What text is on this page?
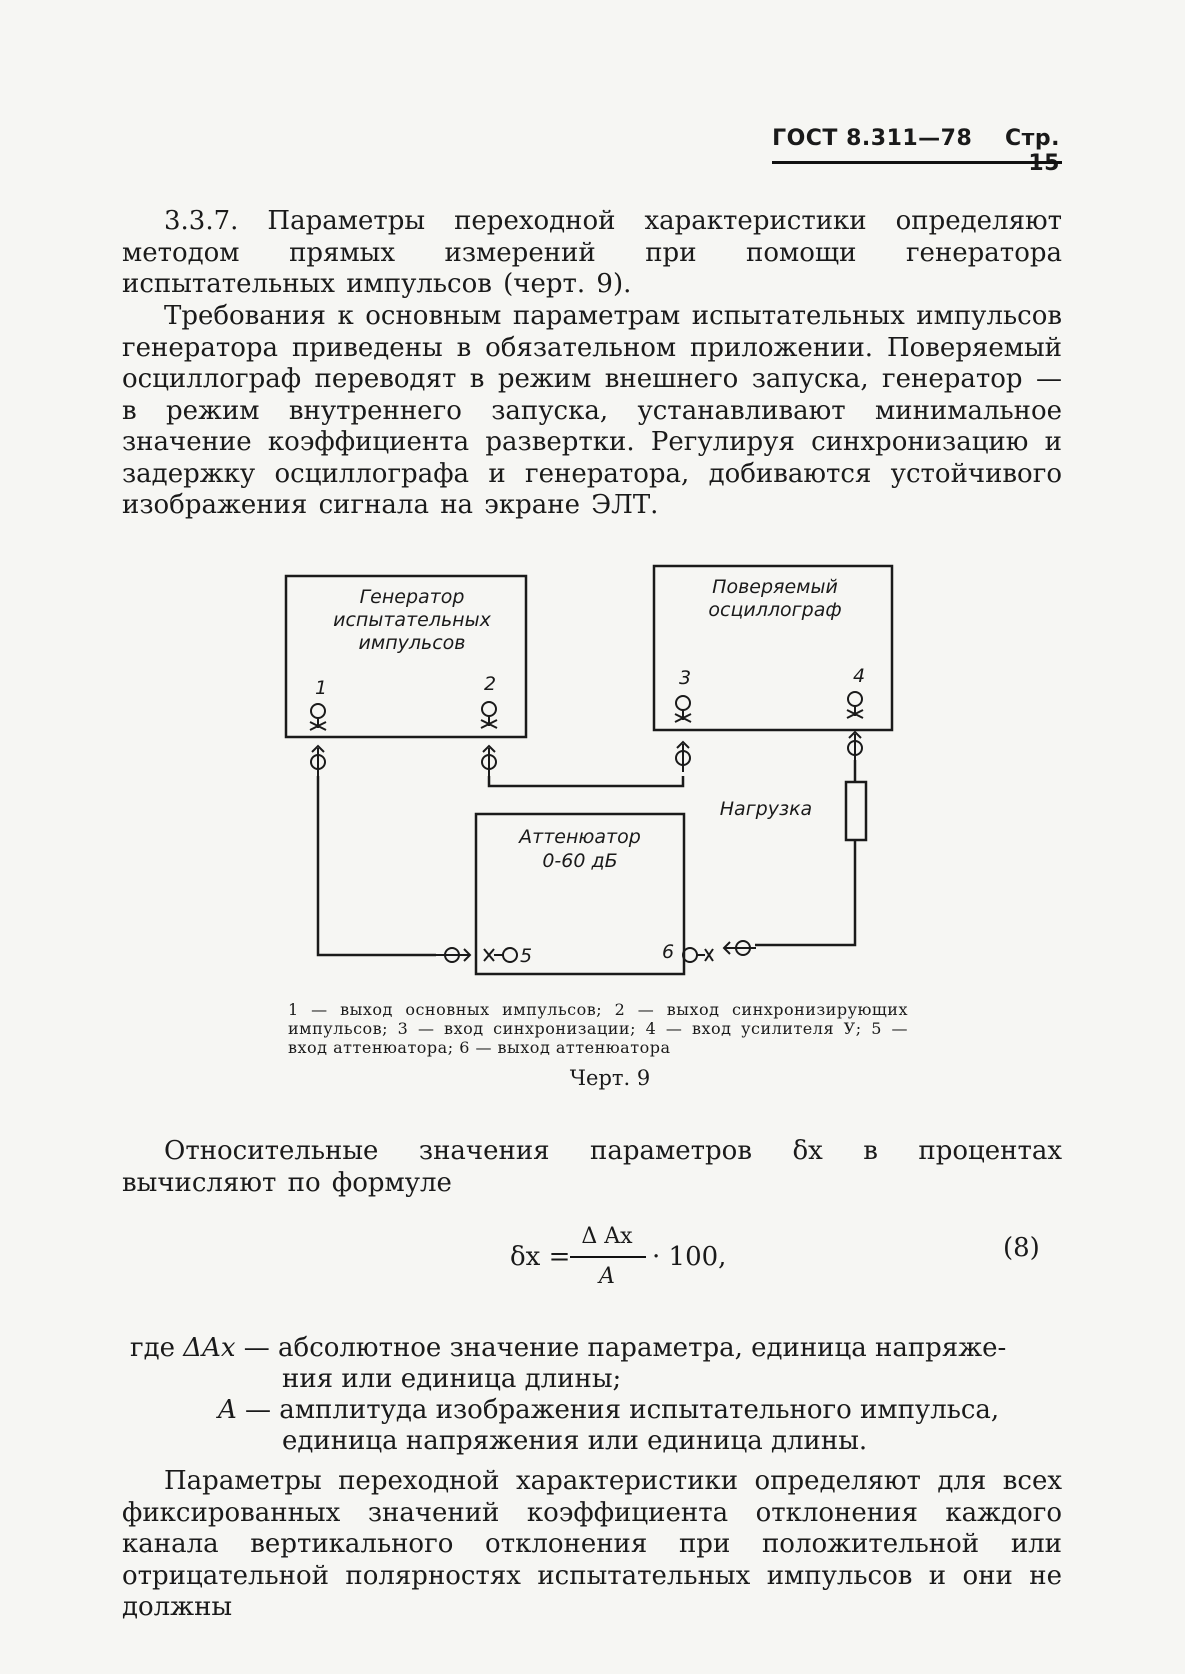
ГОСТ 8.311—78 Стр.
3.3.7. Параметры переходной характеристики определяют методом прямых измерений при помощи генератора испытательных импульсов (черт. 9).
Требования к основным параметрам испытательных импульсов генератора приведены в обязательном приложении. Поверяемый осциллограф переводят в режим внешнего запуска, генератор — в режим внутреннего запуска, устанавливают минимальное значение коэффициента развертки. Регулируя синхронизацию и задержку осциллографа и генератора, добиваются устойчивого изображения сигнала на экране ЭЛТ.
Генератор
испытательных
импульсов
Поверяемый
осциллограф
Аттенюатор
0-60 дБ
Нагрузка
1	2	3	4
5	6
1 — выход основных импульсов; 2 — выход синхронизирующих импульсов; 3 — вход синхронизации; 4 — вход усилителя У; 5 — вход аттенюатора; 6 — выход аттенюатора
Черт. 9
Относительные значения параметров δx в процентах вычисляют по формуле
δx =
Δ Ax
A
· 100,	(8)
где ΔAx — абсолютное значение параметра, единица напряже-
ния или единица длины;
A — амплитуда изображения испытательного импульса,
единица напряжения или единица длины.
Параметры переходной характеристики определяют для всех фиксированных значений коэффициента отклонения каждого канала вертикального отклонения при положительной или отрицательной полярностях испытательных импульсов и они не должны
